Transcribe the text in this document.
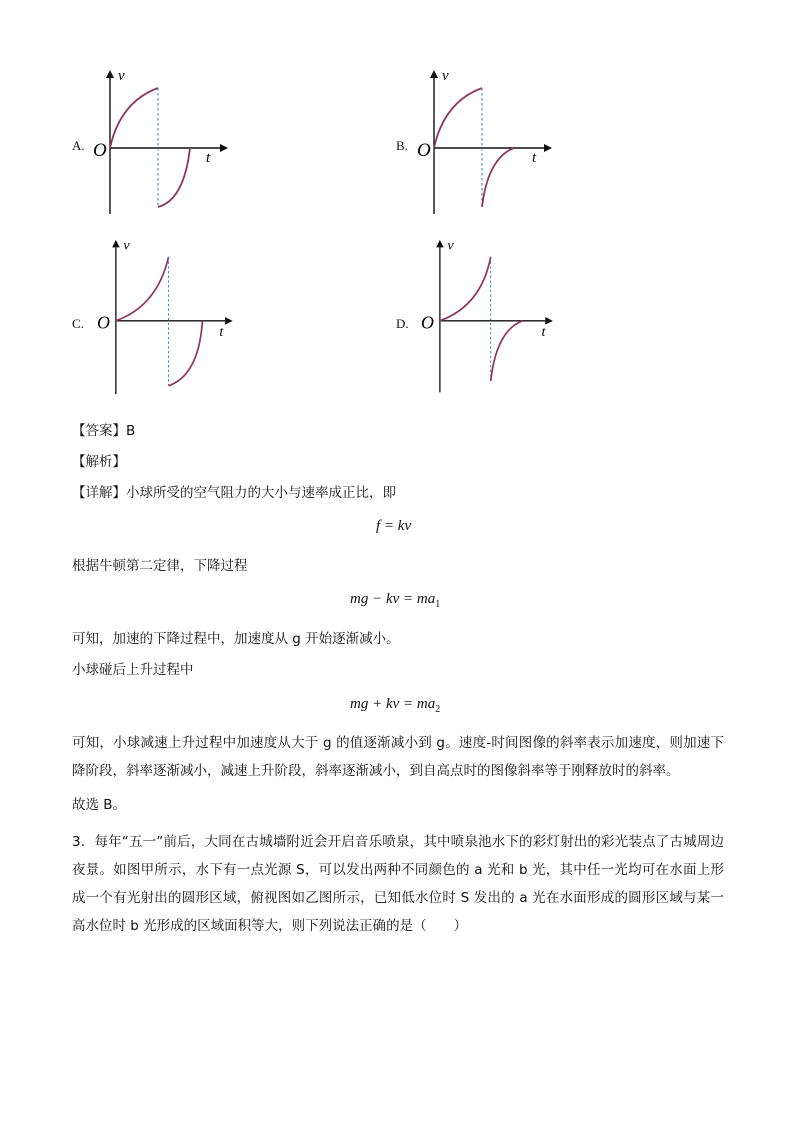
A. O
v
t
B. O
v
t
C. O
v
t
D. O
v
t
【答案】B
【解析】
【详解】小球所受的空气阻力的大小与速率成正比，即
f = kv
根据牛顿第二定律，下降过程
mg − kv = $ma_1$
可知，加速的下降过程中，加速度从 g 开始逐渐减小。
小球碰后上升过程中
mg + kv = $ma_2$
可知，小球减速上升过程中加速度从大于 g 的值逐渐减小到 g。速度-时间图像的斜率表示加速度，则加速下降阶段，斜率逐渐减小，减速上升阶段，斜率逐渐减小，到自高点时的图像斜率等于刚释放时的斜率。
故选 B。
3．每年“五一”前后，大同在古城墙附近会开启音乐喷泉，其中喷泉池水下的彩灯射出的彩光装点了古城周边夜景。如图甲所示，水下有一点光源 S，可以发出两种不同颜色的 a 光和 b 光，其中任一光均可在水面上形成一个有光射出的圆形区域，俯视图如乙图所示，已知低水位时 S 发出的 a 光在水面形成的圆形区域与某一高水位时 b 光形成的区域面积等大，则下列说法正确的是（　　）
